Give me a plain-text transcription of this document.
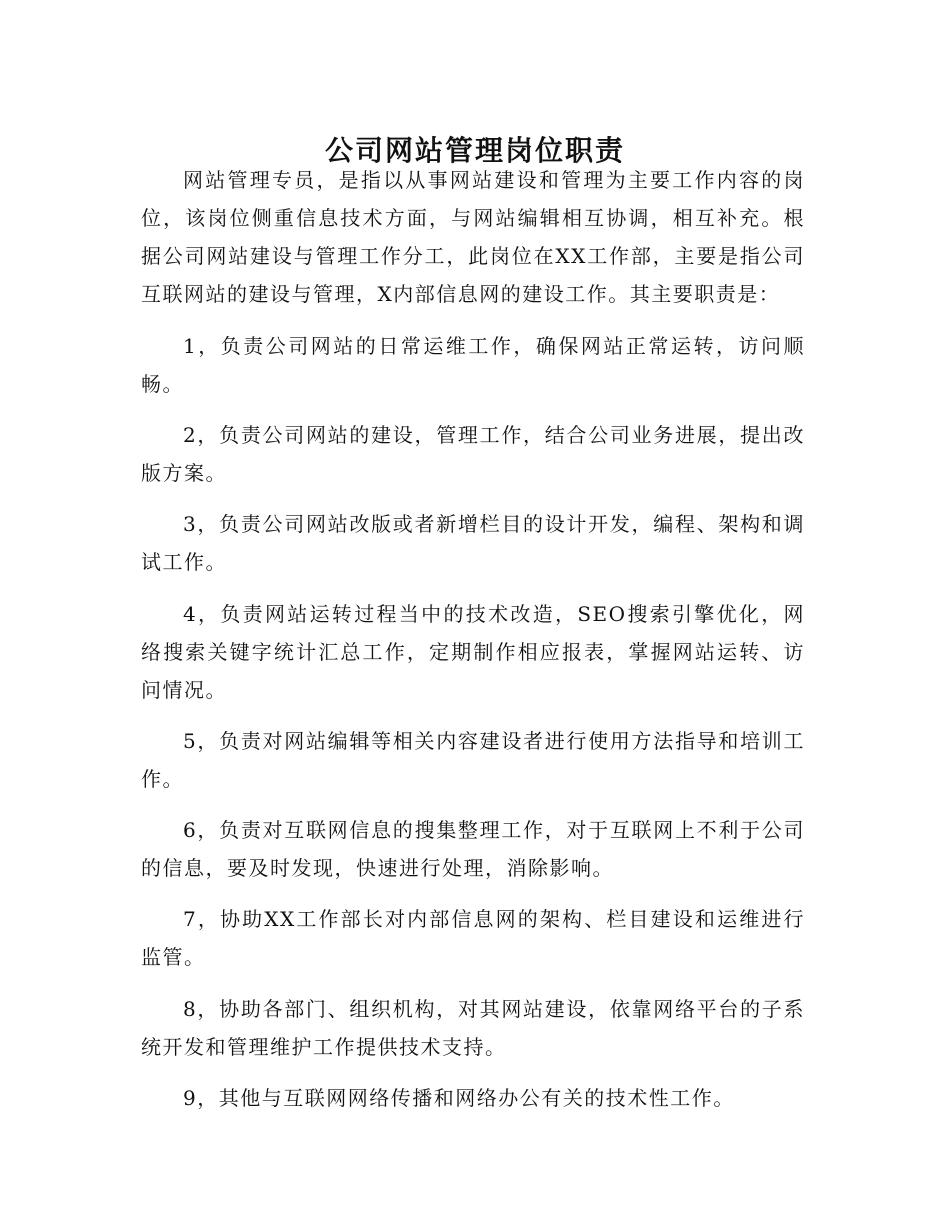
公司网站管理岗位职责

网站管理专员，是指以从事网站建设和管理为主要工作内容的岗位，该岗位侧重信息技术方面，与网站编辑相互协调，相互补充。根据公司网站建设与管理工作分工，此岗位在XX工作部，主要是指公司互联网站的建设与管理，X内部信息网的建设工作。其主要职责是：

1，负责公司网站的日常运维工作，确保网站正常运转，访问顺畅。

2，负责公司网站的建设，管理工作，结合公司业务进展，提出改版方案。

3，负责公司网站改版或者新增栏目的设计开发，编程、架构和调试工作。

4，负责网站运转过程当中的技术改造，SEO搜索引擎优化，网络搜索关键字统计汇总工作，定期制作相应报表，掌握网站运转、访问情况。

5，负责对网站编辑等相关内容建设者进行使用方法指导和培训工作。

6，负责对互联网信息的搜集整理工作，对于互联网上不利于公司的信息，要及时发现，快速进行处理，消除影响。

7，协助XX工作部长对内部信息网的架构、栏目建设和运维进行监管。

8，协助各部门、组织机构，对其网站建设，依靠网络平台的子系统开发和管理维护工作提供技术支持。

9，其他与互联网网络传播和网络办公有关的技术性工作。
